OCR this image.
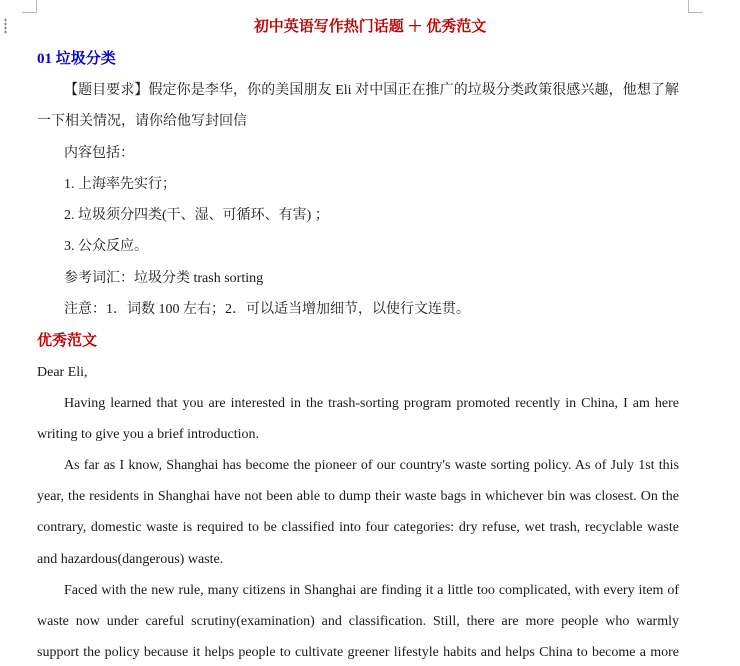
初中英语写作热门话题 ＋ 优秀范文
01 垃圾分类
【题目要求】假定你是李华，你的美国朋友 Eli 对中国正在推广的垃圾分类政策很感兴趣，他想了解
一下相关情况，请你给他写封回信
内容包括：
1. 上海率先实行；
2. 垃圾须分四类(干、湿、可循环、有害) ；
3. 公众反应。
参考词汇：垃圾分类 trash sorting
注意：1．词数 100 左右；2．可以适当增加细节，以使行文连贯。
优秀范文
Dear Eli,
Having learned that you are interested in the trash-sorting program promoted recently in China, I am here
writing to give you a brief introduction.
As far as I know, Shanghai has become the pioneer of our country's waste sorting policy. As of July 1st this
year, the residents in Shanghai have not been able to dump their waste bags in whichever bin was closest. On the
contrary, domestic waste is required to be classified into four categories: dry refuse, wet trash, recyclable waste
and hazardous(dangerous) waste.
Faced with the new rule, many citizens in Shanghai are finding it a little too complicated, with every item of
waste now under careful scrutiny(examination) and classification. Still, there are more people who warmly
support the policy because it helps people to cultivate greener lifestyle habits and helps China to become a more
